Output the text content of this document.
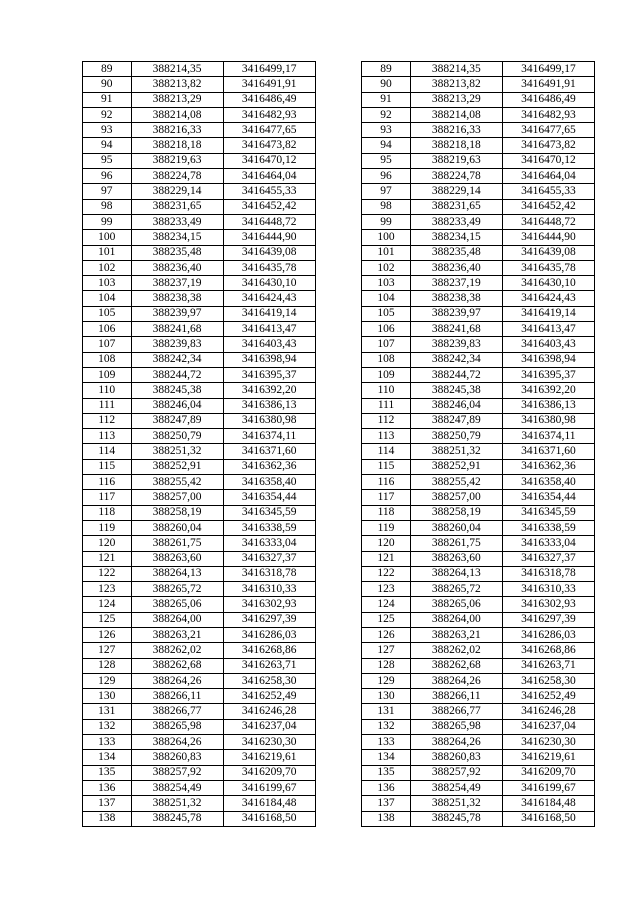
89	388214,35	3416499,17		89	388214,35	3416499,17
90	388213,82	3416491,91		90	388213,82	3416491,91
91	388213,29	3416486,49		91	388213,29	3416486,49
92	388214,08	3416482,93		92	388214,08	3416482,93
93	388216,33	3416477,65		93	388216,33	3416477,65
94	388218,18	3416473,82		94	388218,18	3416473,82
95	388219,63	3416470,12		95	388219,63	3416470,12
96	388224,78	3416464,04		96	388224,78	3416464,04
97	388229,14	3416455,33		97	388229,14	3416455,33
98	388231,65	3416452,42		98	388231,65	3416452,42
99	388233,49	3416448,72		99	388233,49	3416448,72
100	388234,15	3416444,90		100	388234,15	3416444,90
101	388235,48	3416439,08		101	388235,48	3416439,08
102	388236,40	3416435,78		102	388236,40	3416435,78
103	388237,19	3416430,10		103	388237,19	3416430,10
104	388238,38	3416424,43		104	388238,38	3416424,43
105	388239,97	3416419,14		105	388239,97	3416419,14
106	388241,68	3416413,47		106	388241,68	3416413,47
107	388239,83	3416403,43		107	388239,83	3416403,43
108	388242,34	3416398,94		108	388242,34	3416398,94
109	388244,72	3416395,37		109	388244,72	3416395,37
110	388245,38	3416392,20		110	388245,38	3416392,20
111	388246,04	3416386,13		111	388246,04	3416386,13
112	388247,89	3416380,98		112	388247,89	3416380,98
113	388250,79	3416374,11		113	388250,79	3416374,11
114	388251,32	3416371,60		114	388251,32	3416371,60
115	388252,91	3416362,36		115	388252,91	3416362,36
116	388255,42	3416358,40		116	388255,42	3416358,40
117	388257,00	3416354,44		117	388257,00	3416354,44
118	388258,19	3416345,59		118	388258,19	3416345,59
119	388260,04	3416338,59		119	388260,04	3416338,59
120	388261,75	3416333,04		120	388261,75	3416333,04
121	388263,60	3416327,37		121	388263,60	3416327,37
122	388264,13	3416318,78		122	388264,13	3416318,78
123	388265,72	3416310,33		123	388265,72	3416310,33
124	388265,06	3416302,93		124	388265,06	3416302,93
125	388264,00	3416297,39		125	388264,00	3416297,39
126	388263,21	3416286,03		126	388263,21	3416286,03
127	388262,02	3416268,86		127	388262,02	3416268,86
128	388262,68	3416263,71		128	388262,68	3416263,71
129	388264,26	3416258,30		129	388264,26	3416258,30
130	388266,11	3416252,49		130	388266,11	3416252,49
131	388266,77	3416246,28		131	388266,77	3416246,28
132	388265,98	3416237,04		132	388265,98	3416237,04
133	388264,26	3416230,30		133	388264,26	3416230,30
134	388260,83	3416219,61		134	388260,83	3416219,61
135	388257,92	3416209,70		135	388257,92	3416209,70
136	388254,49	3416199,67		136	388254,49	3416199,67
137	388251,32	3416184,48		137	388251,32	3416184,48
138	388245,78	3416168,50		138	388245,78	3416168,50
